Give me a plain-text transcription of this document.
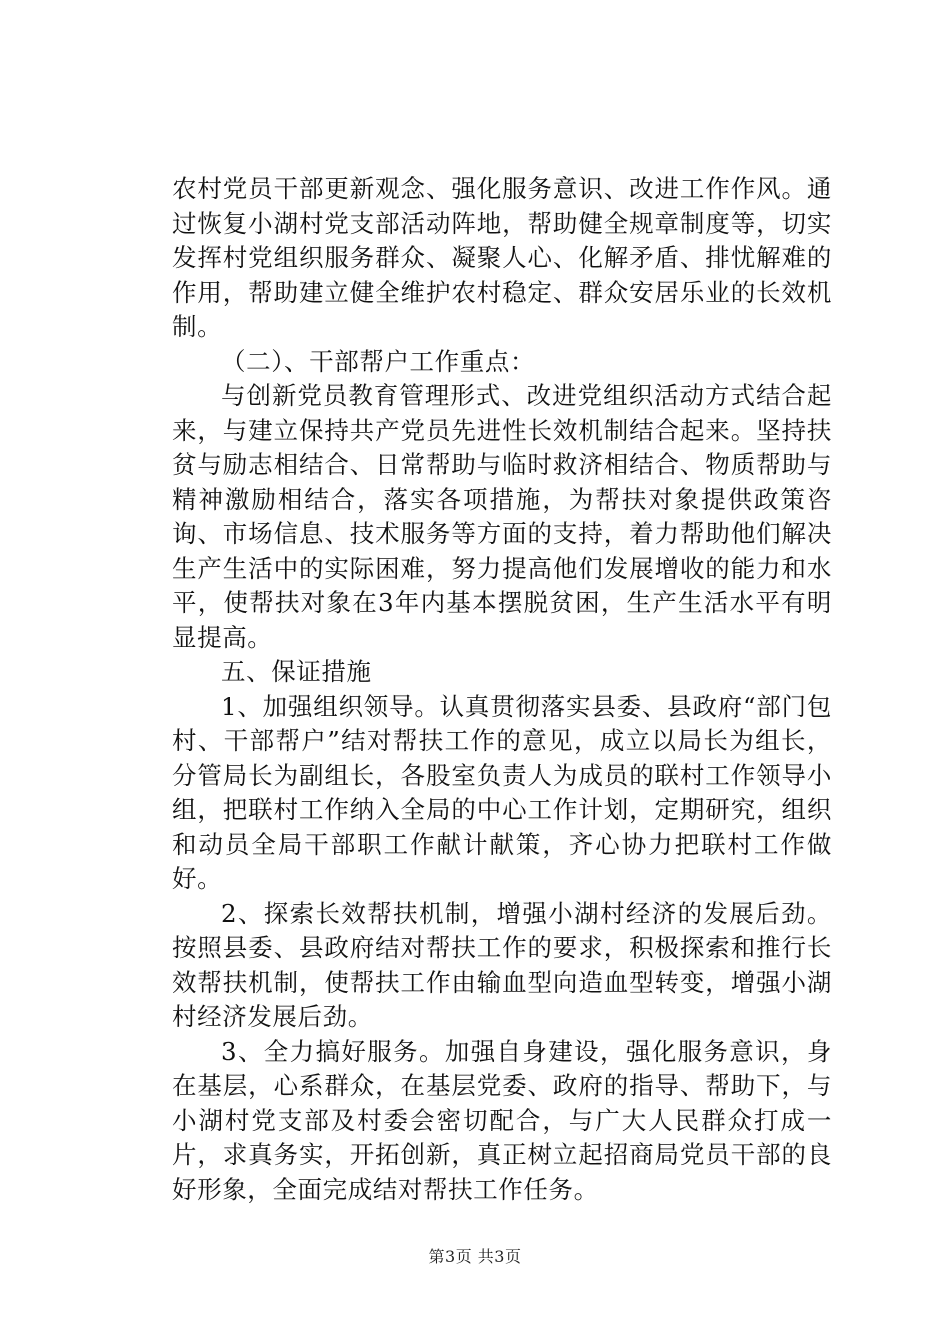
农村党员干部更新观念、强化服务意识、改进工作作风。通过恢复小湖村党支部活动阵地，帮助健全规章制度等，切实发挥村党组织服务群众、凝聚人心、化解矛盾、排忧解难的作用，帮助建立健全维护农村稳定、群众安居乐业的长效机制。

（二）、干部帮户工作重点：

与创新党员教育管理形式、改进党组织活动方式结合起来，与建立保持共产党员先进性长效机制结合起来。坚持扶贫与励志相结合、日常帮助与临时救济相结合、物质帮助与精神激励相结合，落实各项措施，为帮扶对象提供政策咨询、市场信息、技术服务等方面的支持，着力帮助他们解决生产生活中的实际困难，努力提高他们发展增收的能力和水平，使帮扶对象在3年内基本摆脱贫困，生产生活水平有明显提高。

五、保证措施

1、加强组织领导。认真贯彻落实县委、县政府“部门包村、干部帮户”结对帮扶工作的意见，成立以局长为组长，分管局长为副组长，各股室负责人为成员的联村工作领导小组，把联村工作纳入全局的中心工作计划，定期研究，组织和动员全局干部职工作献计献策，齐心协力把联村工作做好。

2、探索长效帮扶机制，增强小湖村经济的发展后劲。按照县委、县政府结对帮扶工作的要求，积极探索和推行长效帮扶机制，使帮扶工作由输血型向造血型转变，增强小湖村经济发展后劲。

3、全力搞好服务。加强自身建设，强化服务意识，身在基层，心系群众，在基层党委、政府的指导、帮助下，与小湖村党支部及村委会密切配合，与广大人民群众打成一片，求真务实，开拓创新，真正树立起招商局党员干部的良好形象，全面完成结对帮扶工作任务。

第3页 共3页
